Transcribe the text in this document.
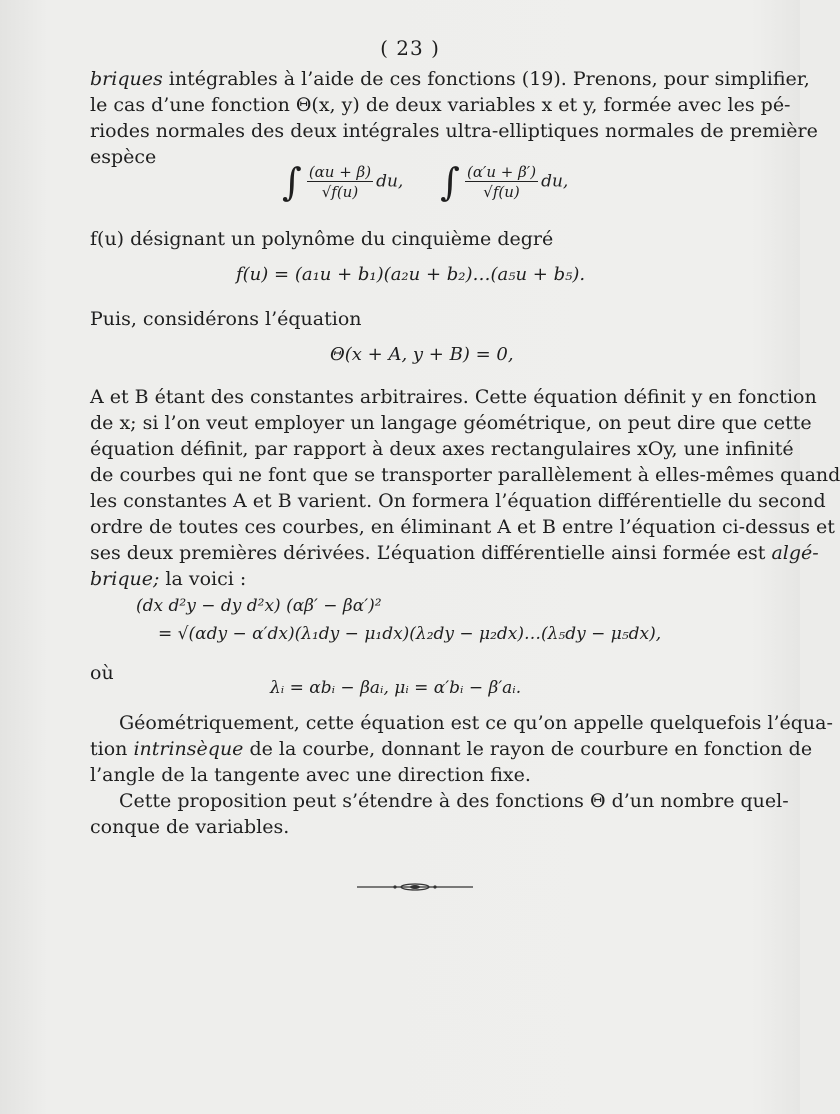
( 23 )
briques intégrables à l’aide de ces fonctions (19). Prenons, pour simplifier,
le cas d’une fonction Θ(x, y) de deux variables x et y, formée avec les pé-
riodes normales des deux intégrales ultra-elliptiques normales de première
espèce
∫ $\frac{(\alpha u + \beta)}{√f(u)}$ du, ∫ $\frac{(\alpha'u + \beta')}{√f(u)}$ du,
f(u) désignant un polynôme du cinquième degré
f(u) = (a₁u + b₁)(a₂u + b₂)…(a₅u + b₅).
Puis, considérons l’équation
Θ(x + A, y + B) = 0,
A et B étant des constantes arbitraires. Cette équation définit y en fonction
de x; si l’on veut employer un langage géométrique, on peut dire que cette
équation définit, par rapport à deux axes rectangulaires xOy, une infinité
de courbes qui ne font que se transporter parallèlement à elles-mêmes quand
les constantes A et B varient. On formera l’équation différentielle du second
ordre de toutes ces courbes, en éliminant A et B entre l’équation ci-dessus et
ses deux premières dérivées. L’équation différentielle ainsi formée est algé-
brique; la voici :
(dx d²y − dy d²x) (αβ′ − βα′)²
= √(αdy − α′dx)(λ₁dy − μ₁dx)(λ₂dy − μ₂dx)…(λ₅dy − μ₅dx),
où
λᵢ = αbᵢ − βaᵢ, μᵢ = α′bᵢ − β′aᵢ.
Géométriquement, cette équation est ce qu’on appelle quelquefois l’équa-
tion intrinsèque de la courbe, donnant le rayon de courbure en fonction de
l’angle de la tangente avec une direction fixe.
Cette proposition peut s’étendre à des fonctions Θ d’un nombre quel-
conque de variables.
